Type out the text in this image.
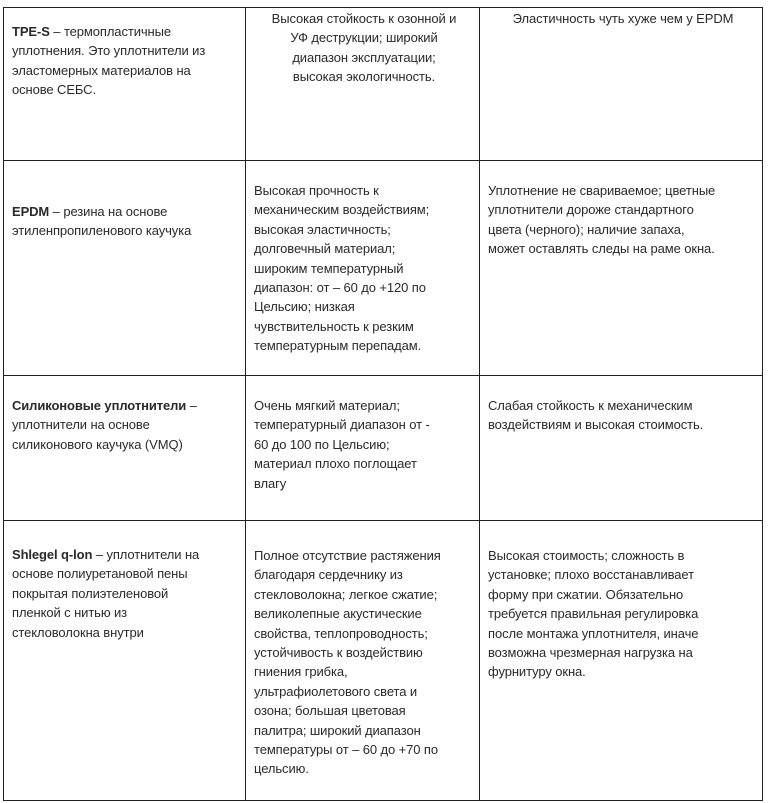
TPE-S – термопластичные
уплотнения. Это уплотнители из
эластомерных материалов на
основе СЕБС.
Высокая стойкость к озонной и
УФ деструкции; широкий
диапазон эксплуатации;
высокая экологичность.
Эластичность чуть хуже чем у EPDM
EPDM – резина на основе
этиленпропиленового каучука
Высокая прочность к
механическим воздействиям;
высокая эластичность;
долговечный материал;
широким температурный
диапазон: от – 60 до +120 по
Цельсию; низкая
чувствительность к резким
температурным перепадам.
Уплотнение не свариваемое; цветные
уплотнители дороже стандартного
цвета (черного); наличие запаха,
может оставлять следы на раме окна.
Силиконовые уплотнители –
уплотнители на основе
силиконового каучука (VMQ)
Очень мягкий материал;
температурный диапазон от -
60 до 100 по Цельсию;
материал плохо поглощает
влагу
Слабая стойкость к механическим
воздействиям и высокая стоимость.
Shlegel q-lon – уплотнители на
основе полиуретановой пены
покрытая полиэтеленовой
пленкой с нитью из
стекловолокна внутри
Полное отсутствие растяжения
благодаря сердечнику из
стекловолокна; легкое сжатие;
великолепные акустические
свойства, теплопроводность;
устойчивость к воздействию
гниения грибка,
ультрафиолетового света и
озона; большая цветовая
палитра; широкий диапазон
температуры от – 60 до +70 по
цельсию.
Высокая стоимость; сложность в
установке; плохо восстанавливает
форму при сжатии. Обязательно
требуется правильная регулировка
после монтажа уплотнителя, иначе
возможна чрезмерная нагрузка на
фурнитуру окна.
